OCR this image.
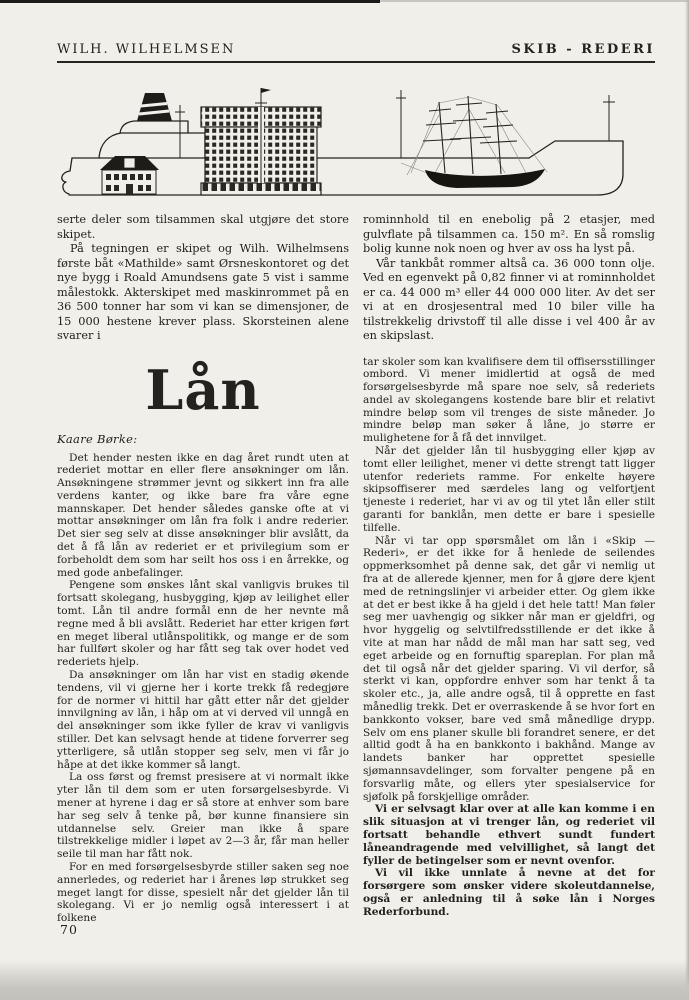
WILH. WILHELMSEN	SKIB - REDERI

serte deler som tilsammen skal utgjøre det store skipet.

På tegningen er skipet og Wilh. Wilhelmsens første båt «Mathilde» samt Ørsneskontoret og det nye bygg i Roald Amundsens gate 5 vist i samme målestokk. Akterskipet med maskinrommet på en 36 500 tonner har som vi kan se dimensjoner, de 15 000 hestene krever plass. Skorsteinen alene svarer i

Lån
Kaare Børke:

Det hender nesten ikke en dag året rundt uten at rederiet mottar en eller flere ansøkninger om lån. Ansøkningene strømmer jevnt og sikkert inn fra alle verdens kanter, og ikke bare fra våre egne mannskaper. Det hender således ganske ofte at vi mottar ansøkninger om lån fra folk i andre rederier. Det sier seg selv at disse ansøkninger blir avslått, da det å få lån av rederiet er et privilegium som er forbeholdt dem som har seilt hos oss i en årrekke, og med gode anbefalinger.

Pengene som ønskes lånt skal vanligvis brukes til fortsatt skolegang, husbygging, kjøp av leilighet eller tomt. Lån til andre formål enn de her nevnte må regne med å bli avslått. Rederiet har etter krigen ført en meget liberal utlånspolitikk, og mange er de som har fullført skoler og har fått seg tak over hodet ved rederiets hjelp.

Da ansøkninger om lån har vist en stadig økende tendens, vil vi gjerne her i korte trekk få redegjøre for de normer vi hittil har gått etter når det gjelder innvilgning av lån, i håp om at vi derved vil unngå en del ansøkninger som ikke fyller de krav vi vanligvis stiller. Det kan selvsagt hende at tidene forverrer seg ytterligere, så utlån stopper seg selv, men vi får jo håpe at det ikke kommer så langt.

La oss først og fremst presisere at vi normalt ikke yter lån til dem som er uten forsørgelsesbyrde. Vi mener at hyrene i dag er så store at enhver som bare har seg selv å tenke på, bør kunne finansiere sin utdannelse selv. Greier man ikke å spare tilstrekkelige midler i løpet av 2—3 år, får man heller seile til man har fått nok.

For en med forsørgelsesbyrde stiller saken seg noe annerledes, og rederiet har i årenes løp strukket seg meget langt for disse, spesielt når det gjelder lån til skolegang. Vi er jo nemlig også interessert i at folkene

rominnhold til en enebolig på 2 etasjer, med gulvflate på tilsammen ca. 150 m². En så romslig bolig kunne nok noen og hver av oss ha lyst på.

Vår tankbåt rommer altså ca. 36 000 tonn olje. Ved en egenvekt på 0,82 finner vi at rominnholdet er ca. 44 000 m³ eller 44 000 000 liter. Av det ser vi at en drosjesentral med 10 biler ville ha tilstrekkelig drivstoff til alle disse i vel 400 år av en skipslast.

tar skoler som kan kvalifisere dem til offisersstillinger ombord. Vi mener imidlertid at også de med forsørgelsesbyrde må spare noe selv, så rederiets andel av skolegangens kostende bare blir et relativt mindre beløp som vil trenges de siste måneder. Jo mindre beløp man søker å låne, jo større er mulighetene for å få det innvilget.

Når det gjelder lån til husbygging eller kjøp av tomt eller leilighet, mener vi dette strengt tatt ligger utenfor rederiets ramme. For enkelte høyere skipsoffiserer med særdeles lang og velfortjent tjeneste i rederiet, har vi av og til ytet lån eller stilt garanti for banklån, men dette er bare i spesielle tilfelle.

Når vi tar opp spørsmålet om lån i «Skip — Rederi», er det ikke for å henlede de seilendes oppmerksomhet på denne sak, det går vi nemlig ut fra at de allerede kjenner, men for å gjøre dere kjent med de retningslinjer vi arbeider etter. Og glem ikke at det er best ikke å ha gjeld i det hele tatt! Man føler seg mer uavhengig og sikker når man er gjeldfri, og hvor hyggelig og selvtilfredsstillende er det ikke å vite at man har nådd de mål man har satt seg, ved eget arbeide og en fornuftig spareplan. For plan må det til også når det gjelder sparing. Vi vil derfor, så sterkt vi kan, oppfordre enhver som har tenkt å ta skoler etc., ja, alle andre også, til å opprette en fast månedlig trekk. Det er overraskende å se hvor fort en bankkonto vokser, bare ved små månedlige drypp. Selv om ens planer skulle bli forandret senere, er det alltid godt å ha en bankkonto i bakhånd. Mange av landets banker har opprettet spesielle sjømannsavdelinger, som forvalter pengene på en forsvarlig måte, og ellers yter spesialservice for sjøfolk på forskjellige områder.

Vi er selvsagt klar over at alle kan komme i en slik situasjon at vi trenger lån, og rederiet vil fortsatt behandle ethvert sundt fundert låneandragende med velvillighet, så langt det fyller de betingelser som er nevnt ovenfor.

Vi vil ikke unnlate å nevne at det for forsørgere som ønsker videre skoleutdannelse, også er anledning til å søke lån i Norges Rederforbund.

70
